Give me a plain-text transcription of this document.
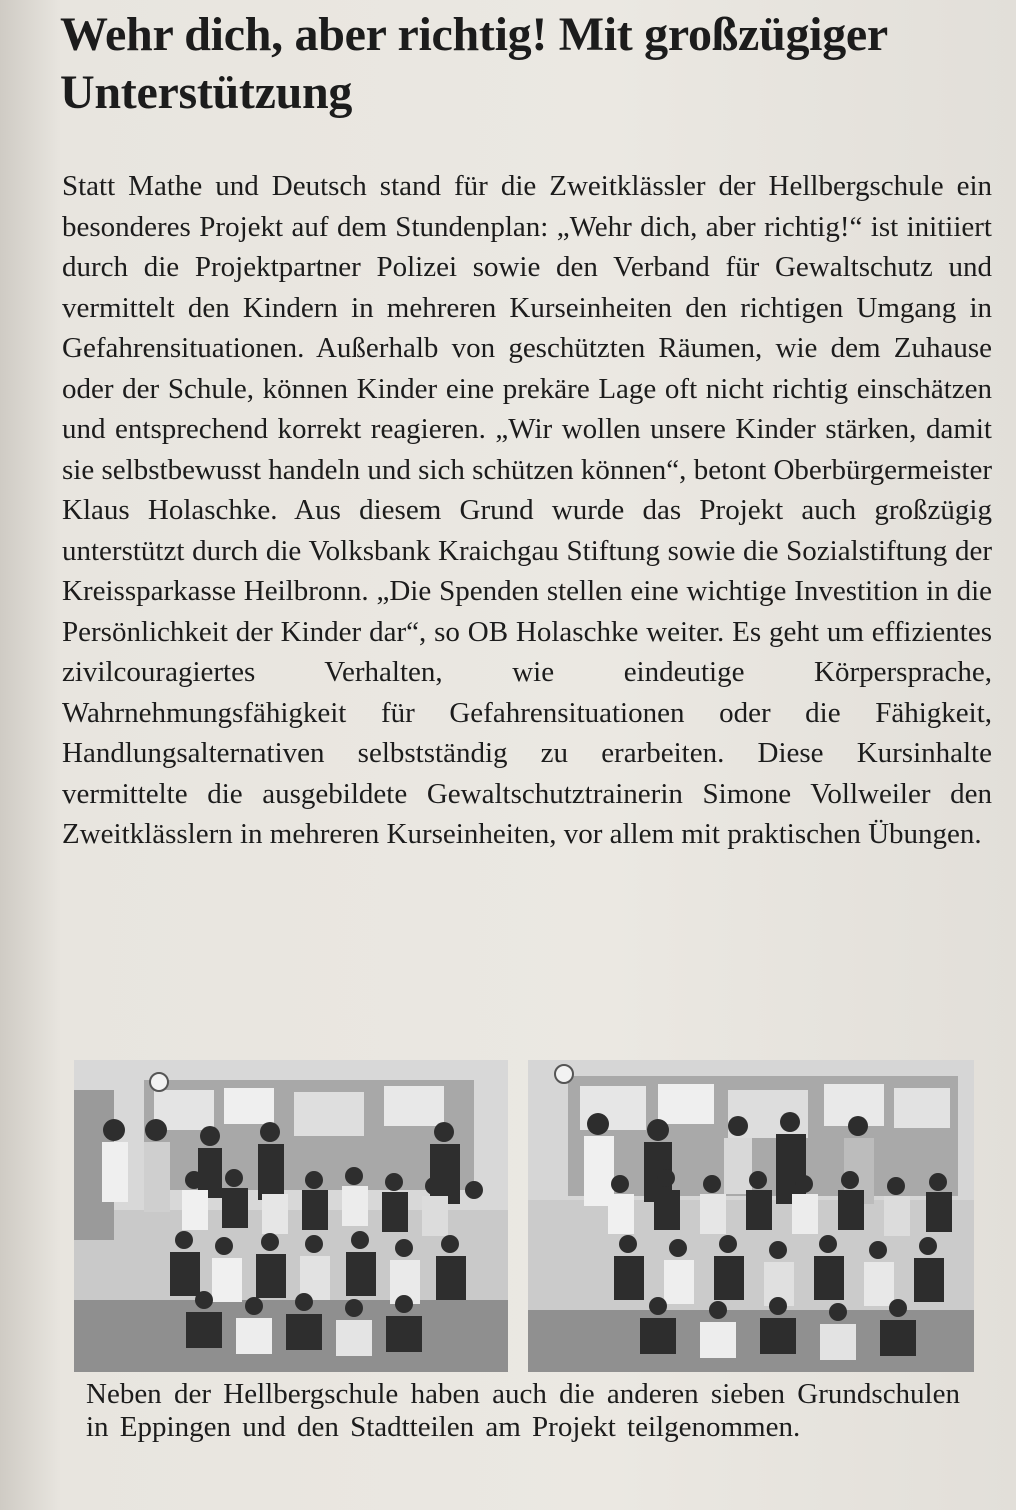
Wehr dich, aber richtig! Mit großzügiger Unterstützung

Statt Mathe und Deutsch stand für die Zweitklässler der Hellbergschule ein besonderes Projekt auf dem Stundenplan: „Wehr dich, aber richtig!“ ist initiiert durch die Projektpartner Polizei sowie den Verband für Gewaltschutz und vermittelt den Kindern in mehreren Kurseinheiten den richtigen Umgang in Gefahrensituationen. Außerhalb von geschützten Räumen, wie dem Zuhause oder der Schule, können Kinder eine prekäre Lage oft nicht richtig einschätzen und entsprechend korrekt reagieren. „Wir wollen unsere Kinder stärken, damit sie selbstbewusst handeln und sich schützen können“, betont Oberbürgermeister Klaus Holaschke. Aus diesem Grund wurde das Projekt auch großzügig unterstützt durch die Volksbank Kraichgau Stiftung sowie die Sozialstiftung der Kreissparkasse Heilbronn. „Die Spenden stellen eine wichtige Investition in die Persönlichkeit der Kinder dar“, so OB Holaschke weiter. Es geht um effizientes zivilcouragiertes Verhalten, wie eindeutige Körpersprache, Wahrnehmungsfähigkeit für Gefahrensituationen oder die Fähigkeit, Handlungsalternativen selbstständig zu erarbeiten. Diese Kursinhalte vermittelte die ausgebildete Gewaltschutztrainerin Simone Vollweiler den Zweitklässlern in mehreren Kurseinheiten, vor allem mit praktischen Übungen.

Neben der Hellbergschule haben auch die anderen sieben Grundschulen in Eppingen und den Stadtteilen am Projekt teilgenommen.
